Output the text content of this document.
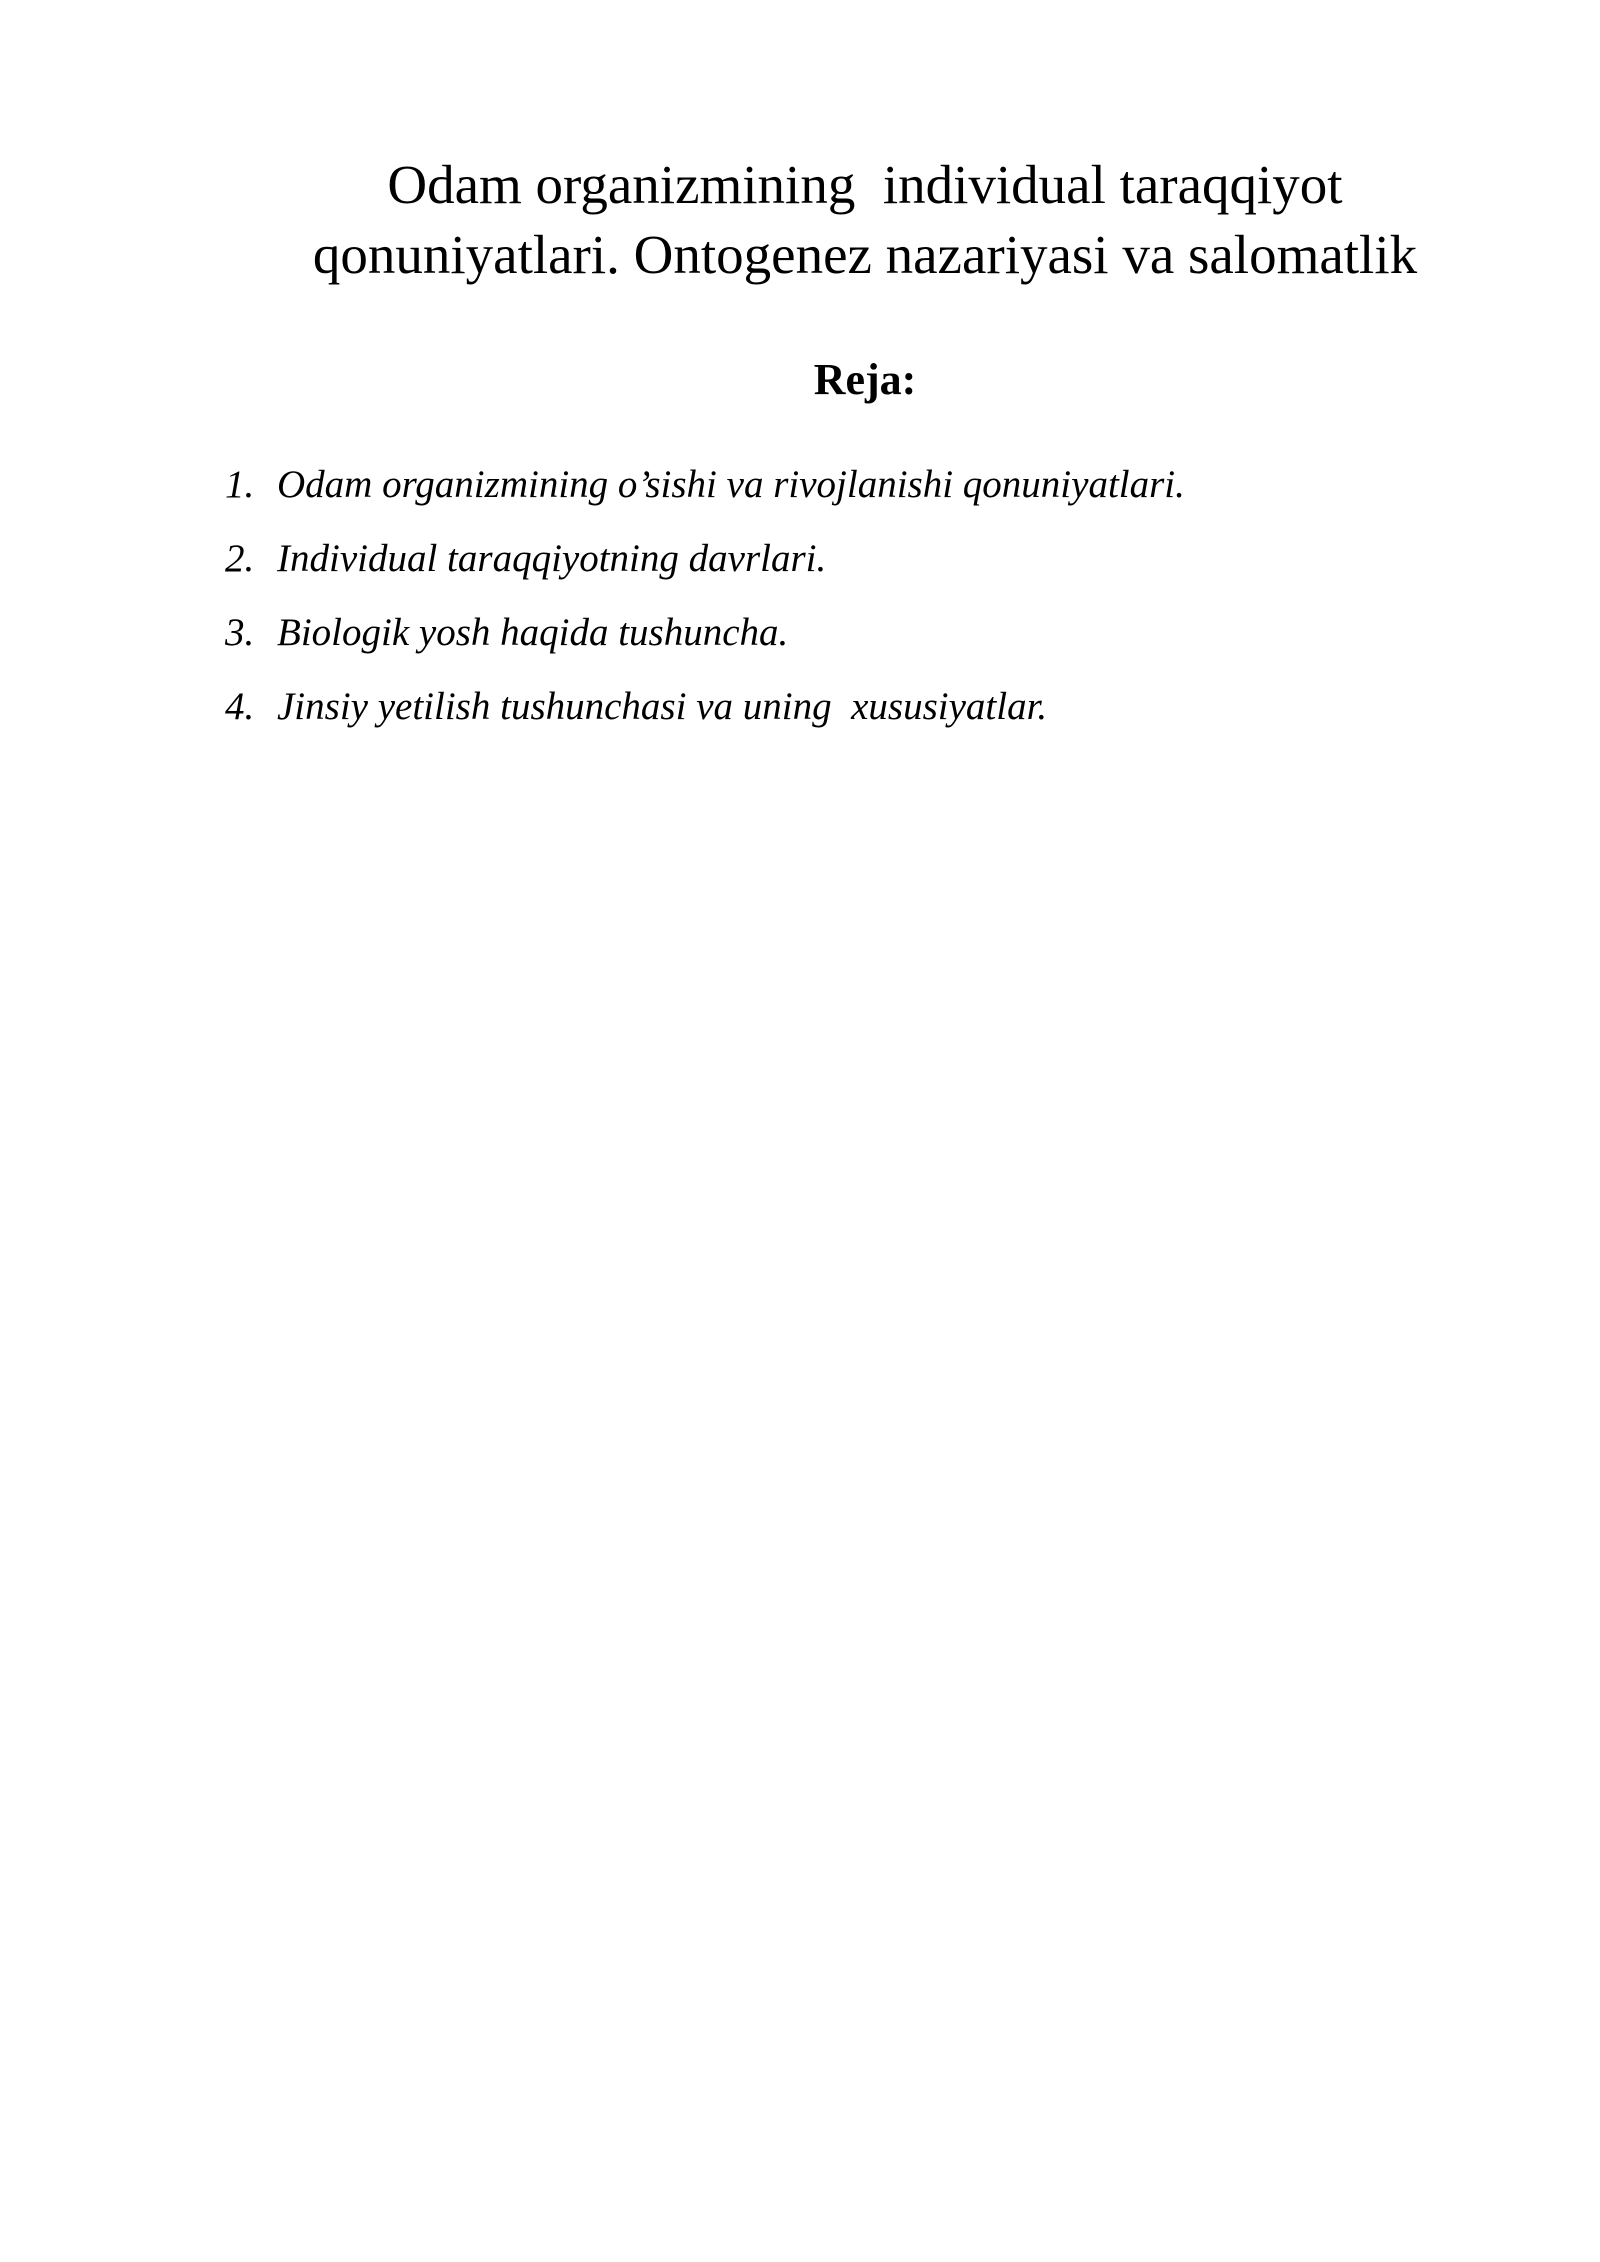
Odam organizmining  individual taraqqiyot
qonuniyatlari. Ontogenez nazariyasi va salomatlik
Reja:
1. Odam organizmining o’sishi va rivojlanishi qonuniyatlari.
2. Individual taraqqiyotning davrlari.
3. Biologik yosh haqida tushuncha.
4. Jinsiy yetilish tushunchasi va uning  xususiyatlar.
